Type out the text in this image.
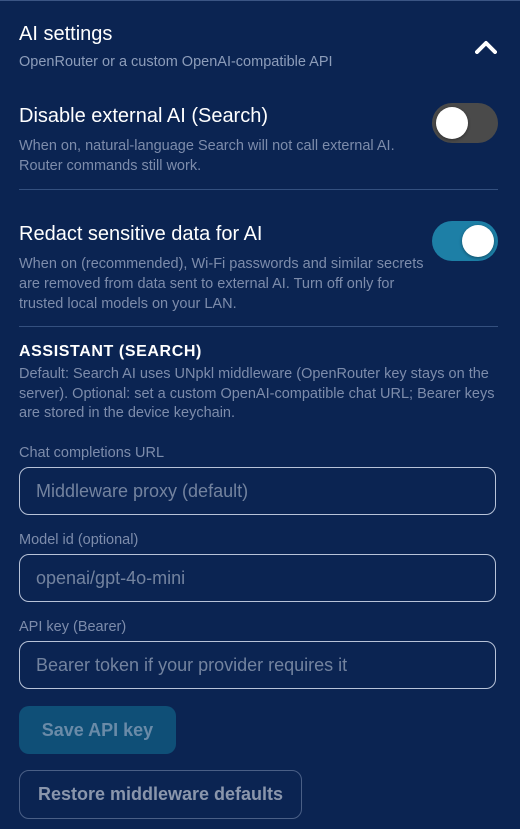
AI settings
OpenRouter or a custom OpenAI-compatible API
Disable external AI (Search)
When on, natural-language Search will not call external AI. Router commands still work.
Redact sensitive data for AI
When on (recommended), Wi-Fi passwords and similar secrets are removed from data sent to external AI. Turn off only for trusted local models on your LAN.
ASSISTANT (SEARCH)
Default: Search AI uses UNpkl middleware (OpenRouter key stays on the server). Optional: set a custom OpenAI-compatible chat URL; Bearer keys are stored in the device keychain.
Chat completions URL
Middleware proxy (default)
Model id (optional)
openai/gpt-4o-mini
API key (Bearer)
Bearer token if your provider requires it
Save API key
Restore middleware defaults
